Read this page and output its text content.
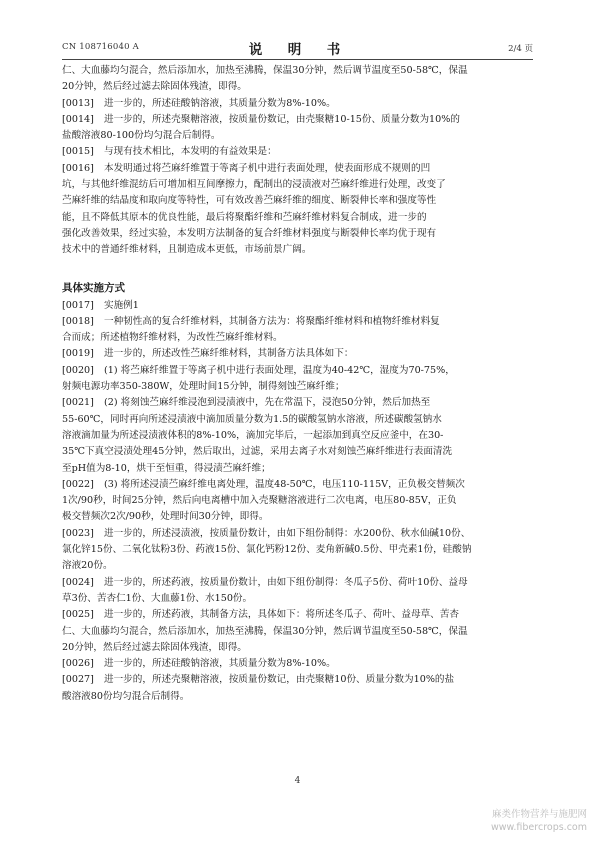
CN 108716040 A	说　明　书	2/4 页
仁、大血藤均匀混合，然后添加水，加热至沸腾，保温30分钟，然后调节温度至50-58℃，保温
20分钟，然后经过滤去除固体残渣，即得。
[0013] 进一步的，所述硅酸钠溶液，其质量分数为8%-10%。
[0014] 进一步的，所述壳聚糖溶液，按质量份数记，由壳聚糖10-15份、质量分数为10%的
盐酸溶液80-100份均匀混合后制得。
[0015] 与现有技术相比，本发明的有益效果是：
[0016] 本发明通过将苎麻纤维置于等离子机中进行表面处理，使表面形成不规则的凹
坑，与其他纤维混纺后可增加相互间摩擦力，配制出的浸渍液对苎麻纤维进行处理，改变了
苎麻纤维的结晶度和取向度等特性，可有效改善苎麻纤维的细度、断裂伸长率和强度等性
能，且不降低其原本的优良性能，最后将聚酯纤维和苎麻纤维材料复合制成，进一步的
强化改善效果，经过实验，本发明方法制备的复合纤维材料强度与断裂伸长率均优于现有
技术中的普通纤维材料，且制造成本更低，市场前景广阔。
具体实施方式
[0017] 实施例1
[0018] 一种韧性高的复合纤维材料，其制备方法为：将聚酯纤维材料和植物纤维材料复
合而成；所述植物纤维材料，为改性苎麻纤维材料。
[0019] 进一步的，所述改性苎麻纤维材料，其制备方法具体如下：
[0020] (1) 将苎麻纤维置于等离子机中进行表面处理，温度为40-42℃，湿度为70-75%，
射频电源功率350-380W，处理时间15分钟，制得刻蚀苎麻纤维；
[0021] (2) 将刻蚀苎麻纤维浸泡到浸渍液中，先在常温下，浸泡50分钟，然后加热至
55-60℃，同时再向所述浸渍液中滴加质量分数为1.5的碳酸氢钠水溶液，所述碳酸氢钠水
溶液滴加量为所述浸渍液体积的8%-10%，滴加完毕后，一起添加到真空反应釜中，在30-
35℃下真空浸渍处理45分钟，然后取出，过滤，采用去离子水对刻蚀苎麻纤维进行表面清洗
至pH值为8-10，烘干至恒重，得浸渍苎麻纤维；
[0022] (3) 将所述浸渍苎麻纤维电离处理，温度48-50℃，电压110-115V，正负极交替频次
1次/90秒，时间25分钟，然后向电离槽中加入壳聚糖溶液进行二次电离，电压80-85V，正负
极交替频次2次/90秒，处理时间30分钟，即得。
[0023] 进一步的，所述浸渍液，按质量份数计，由如下组份制得：水200份、秋水仙碱10份、
氯化锌15份、二氧化钛粉3份、药液15份、氯化钙粉12份、麦角新碱0.5份、甲壳素1份，硅酸钠
溶液20份。
[0024] 进一步的，所述药液，按质量份数计，由如下组份制得：冬瓜子5份、荷叶10份、益母
草3份、苦杏仁1份、大血藤1份、水150份。
[0025] 进一步的，所述药液，其制备方法，具体如下：将所述冬瓜子、荷叶、益母草、苦杏
仁、大血藤均匀混合，然后添加水，加热至沸腾，保温30分钟，然后调节温度至50-58℃，保温
20分钟，然后经过滤去除固体残渣，即得。
[0026] 进一步的，所述硅酸钠溶液，其质量分数为8%-10%。
[0027] 进一步的，所述壳聚糖溶液，按质量份数记，由壳聚糖10份、质量分数为10%的盐
酸溶液80份均匀混合后制得。
4
麻类作物营养与施肥网
www.fibercrops.com
